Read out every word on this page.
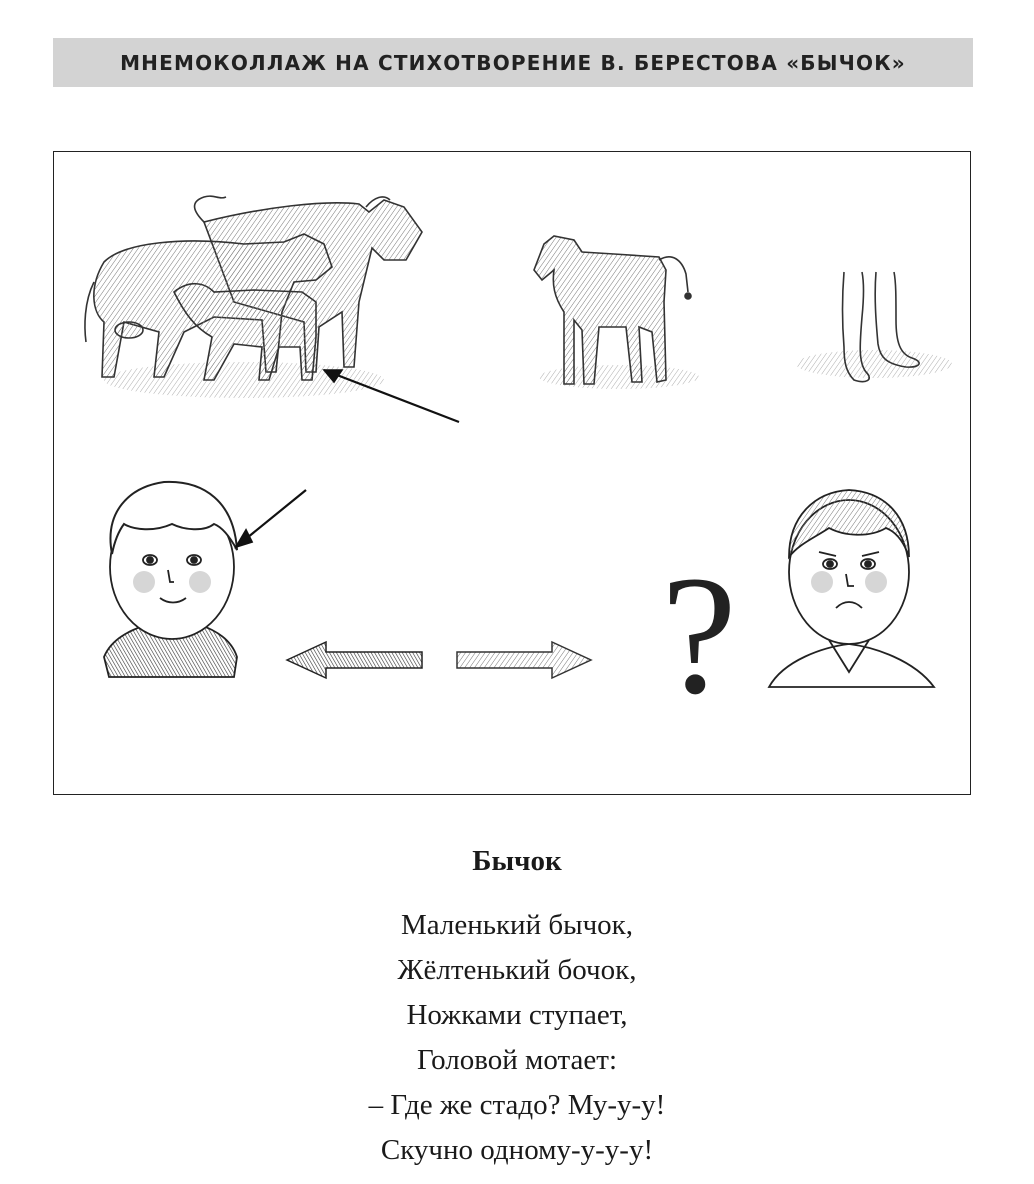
МНЕМОКОЛЛАЖ НА СТИХОТВОРЕНИЕ В. БЕРЕСТОВА «БЫЧОК»
?
Бычок
Маленький бычок,
Жёлтенький бочок,
Ножками ступает,
Головой мотает:
– Где же стадо? Му-у-у!
Скучно одному-у-у-у!
